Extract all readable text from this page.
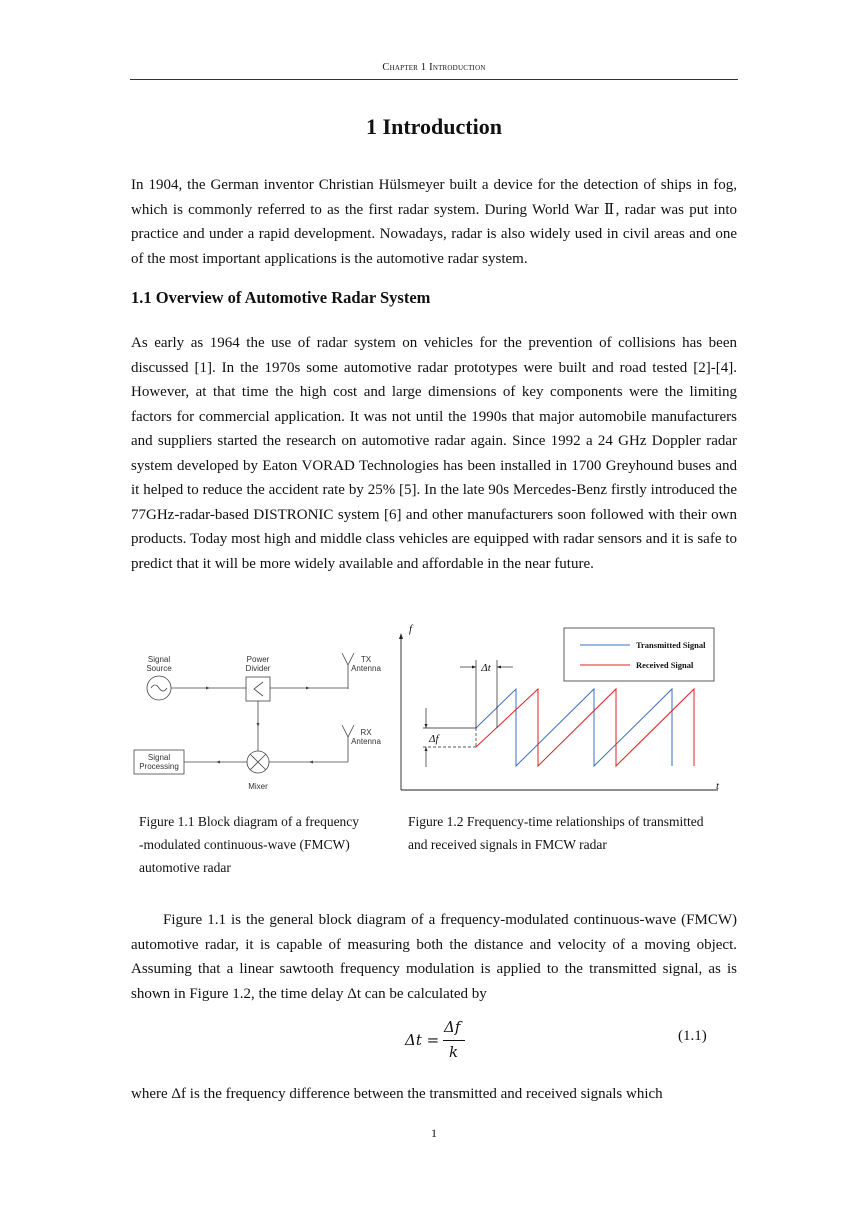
Chapter 1 Introduction
1 Introduction
In 1904, the German inventor Christian Hülsmeyer built a device for the detection of ships in fog, which is commonly referred to as the first radar system. During World War Ⅱ, radar was put into practice and under a rapid development. Nowadays, radar is also widely used in civil areas and one of the most important applications is the automotive radar system.
1.1 Overview of Automotive Radar System
As early as 1964 the use of radar system on vehicles for the prevention of collisions has been discussed [1]. In the 1970s some automotive radar prototypes were built and road tested [2]-[4]. However, at that time the high cost and large dimensions of key components were the limiting factors for commercial application. It was not until the 1990s that major automobile manufacturers and suppliers started the research on automotive radar again. Since 1992 a 24 GHz Doppler radar system developed by Eaton VORAD Technologies has been installed in 1700 Greyhound buses and it helped to reduce the accident rate by 25% [5]. In the late 90s Mercedes-Benz firstly introduced the 77GHz-radar-based DISTRONIC system [6] and other manufacturers soon followed with their own products. Today most high and middle class vehicles are equipped with radar sensors and it is safe to predict that it will be more widely available and affordable in the near future.
Signal
Source
Power
Divider
TX
Antenna
RX
Antenna
Signal
Processing
Mixer
f
t
Δt
Δf
Transmitted Signal
Received Signal
Figure 1.1 Block diagram of a frequency
-modulated continuous-wave (FMCW)
automotive radar
Figure 1.2 Frequency-time relationships of transmitted
and received signals in FMCW radar
Figure 1.1 is the general block diagram of a frequency-modulated continuous-wave (FMCW) automotive radar, it is capable of measuring both the distance and velocity of a moving object. Assuming that a linear sawtooth frequency modulation is applied to the transmitted signal, as is shown in Figure 1.2, the time delay Δt can be calculated by
Δt =
Δf
k
(1.1)
where Δf is the frequency difference between the transmitted and received signals which
1
